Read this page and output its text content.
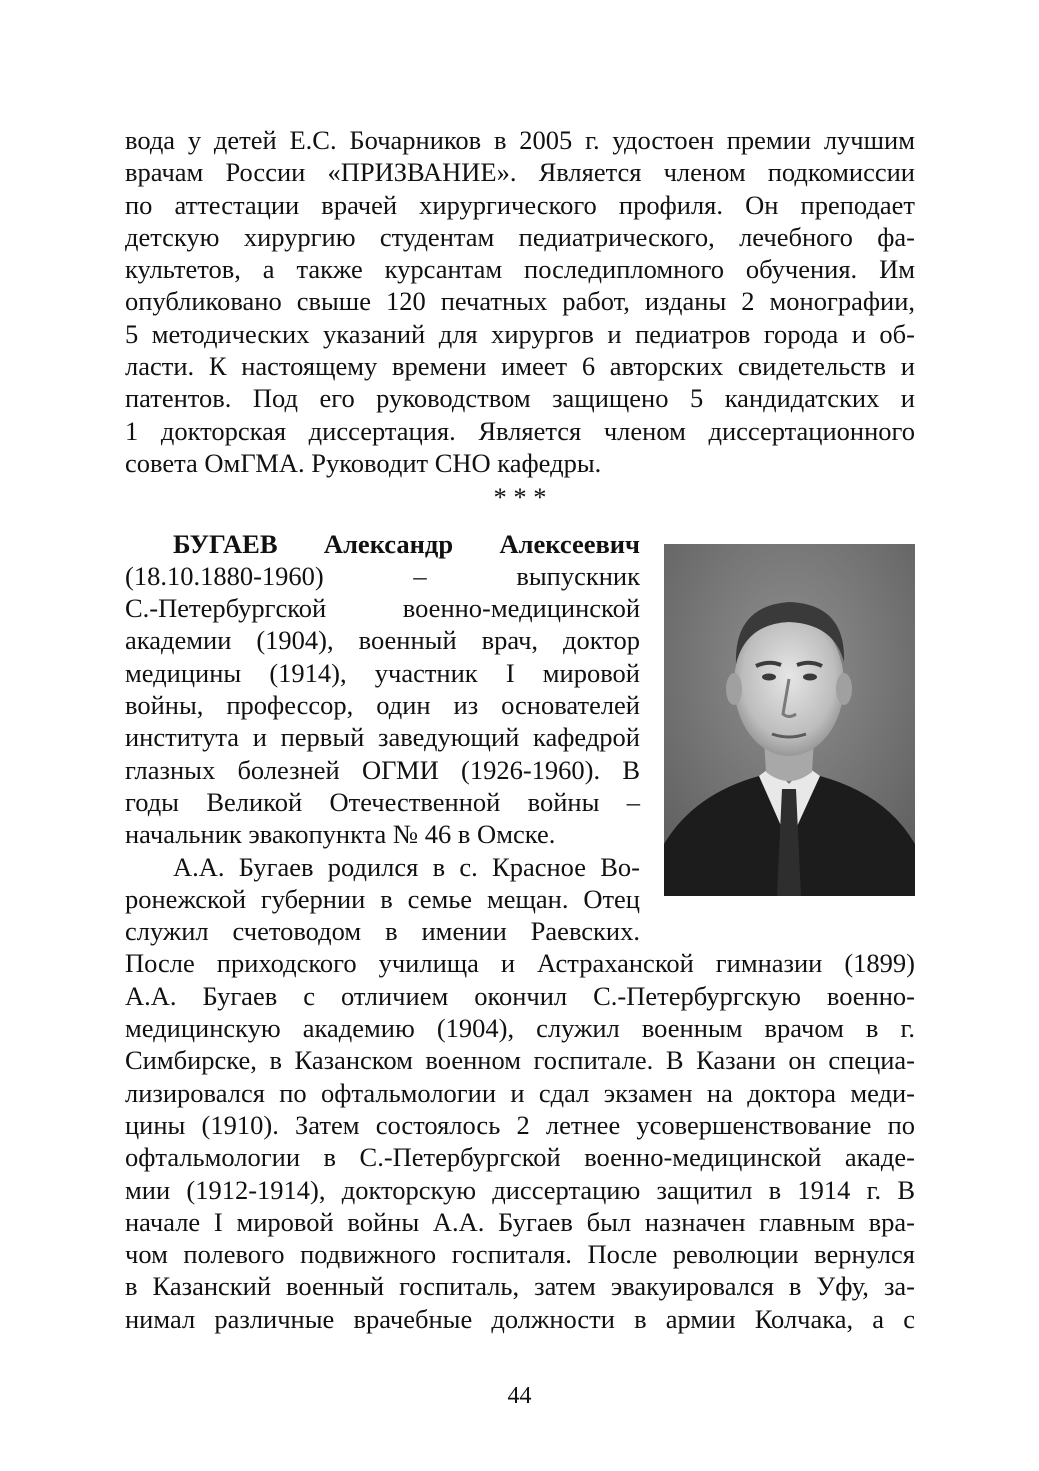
вода у детей Е.С. Бочарников в 2005 г. удостоен премии лучшим
врачам России «ПРИЗВАНИЕ». Является членом подкомиссии
по аттестации врачей хирургического профиля. Он преподает
детскую хирургию студентам педиатрического, лечебного фа-
культетов, а также курсантам последипломного обучения. Им
опубликовано свыше 120 печатных работ, изданы 2 монографии,
5 методических указаний для хирургов и педиатров города и об-
ласти. К настоящему времени имеет 6 авторских свидетельств и
патентов. Под его руководством защищено 5 кандидатских и
1 докторская диссертация. Является членом диссертационного
совета ОмГМА. Руководит СНО кафедры.
* * *
БУГАЕВ Александр Алексеевич
(18.10.1880-1960) – выпускник
С.-Петербургской военно-медицинской
академии (1904), военный врач, доктор
медицины (1914), участник I мировой
войны, профессор, один из основателей
института и первый заведующий кафедрой
глазных болезней ОГМИ (1926-1960). В
годы Великой Отечественной войны –
начальник эвакопункта № 46 в Омске.
А.А. Бугаев родился в с. Красное Во-
ронежской губернии в семье мещан. Отец
служил счетоводом в имении Раевских.
После приходского училища и Астраханской гимназии (1899)
А.А. Бугаев с отличием окончил С.-Петербургскую военно-
медицинскую академию (1904), служил военным врачом в г.
Симбирске, в Казанском военном госпитале. В Казани он специа-
лизировался по офтальмологии и сдал экзамен на доктора меди-
цины (1910). Затем состоялось 2 летнее усовершенствование по
офтальмологии в С.-Петербургской военно-медицинской акаде-
мии (1912-1914), докторскую диссертацию защитил в 1914 г. В
начале I мировой войны А.А. Бугаев был назначен главным вра-
чом полевого подвижного госпиталя. После революции вернулся
в Казанский военный госпиталь, затем эвакуировался в Уфу, за-
нимал различные врачебные должности в армии Колчака, а с
44
